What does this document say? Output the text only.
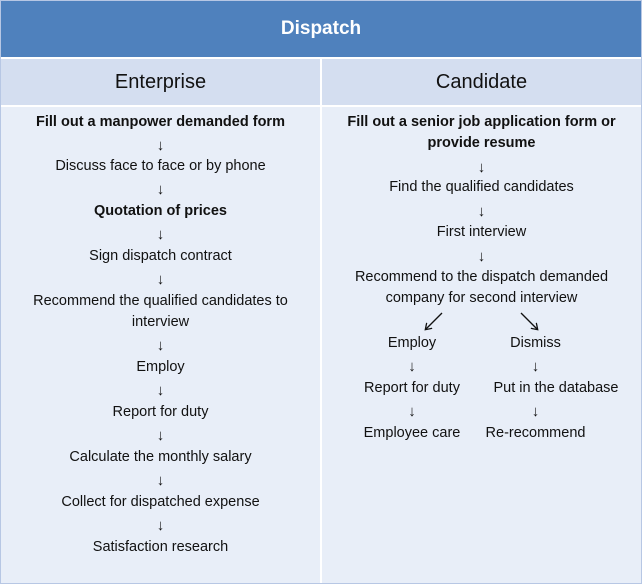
Dispatch
Enterprise	Candidate
Fill out a manpower demanded form
↓
Discuss face to face or by phone
↓
Quotation of prices
↓
Sign dispatch contract
↓
Recommend the qualified candidates to
interview
↓
Employ
↓
Report for duty
↓
Calculate the monthly salary
↓
Collect for dispatched expense
↓
Satisfaction research
Fill out a senior job application form or
provide resume
↓
Find the qualified candidates
↓
First interview
↓
Recommend to the dispatch demanded
company for second interview
Employ	Dismiss
↓	↓
Report for duty	Put in the database
↓	↓
Employee care	Re-recommend
